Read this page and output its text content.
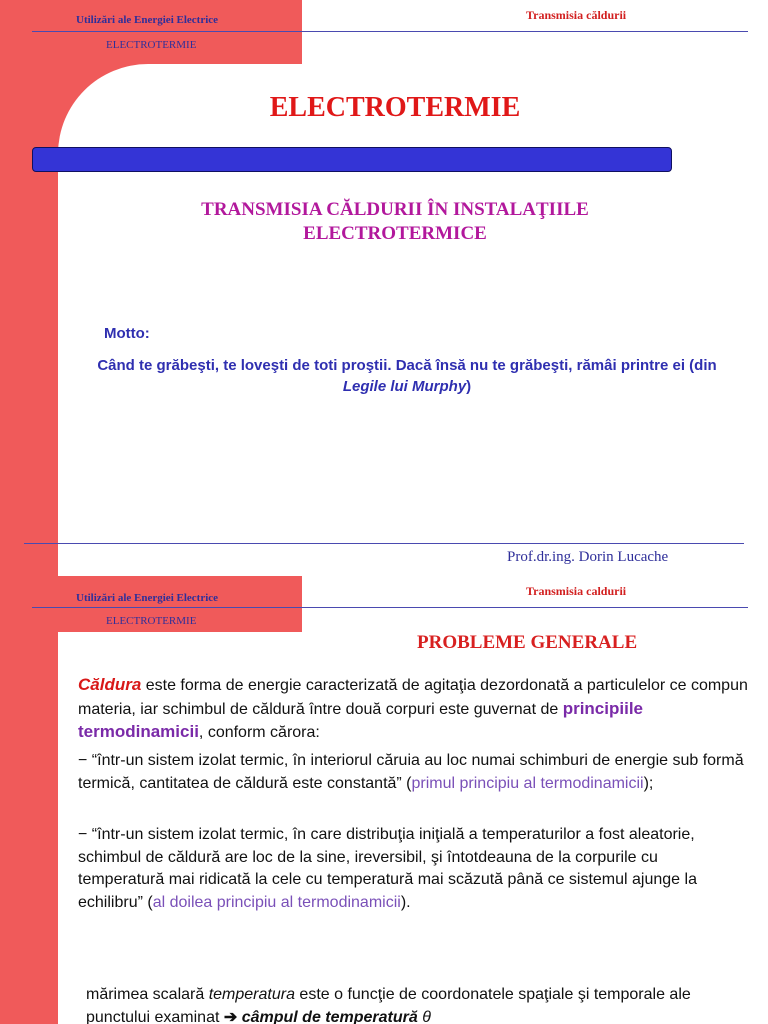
Utilizări ale Energiei Electrice
ELECTROTERMIE
Transmisia căldurii
ELECTROTERMIE
TRANSMISIA CĂLDURII ÎN INSTALAŢIILE ELECTROTERMICE
Motto:
Când te grăbeşti, te loveşti de toti proştii. Dacă însă nu te grăbeşti, rămâi printre ei (din Legile lui Murphy)
Prof.dr.ing. Dorin Lucache
Utilizări ale Energiei Electrice
ELECTROTERMIE
Transmisia caldurii
PROBLEME GENERALE
Căldura este forma de energie caracterizată de agitaţia dezordonată a particulelor ce compun materia, iar schimbul de căldură între două corpuri este guvernat de principiile termodinamicii, conform cărora:
− “într-un sistem izolat termic, în interiorul căruia au loc numai schimburi de energie sub formă termică, cantitatea de căldură este constantă” (primul principiu al termodinamicii);
− “într-un sistem izolat termic, în care distribuţia iniţială a temperaturilor a fost aleatorie, schimbul de căldură are loc de la sine, ireversibil, şi întotdeauna de la corpurile cu temperatură mai ridicată la cele cu temperatură mai scăzută până ce sistemul ajunge la echilibru” (al doilea principiu al termodinamicii).
mărimea scalară temperatura este o funcţie de coordonatele spaţiale şi temporale ale punctului examinat ➔ câmpul de temperatură θ
